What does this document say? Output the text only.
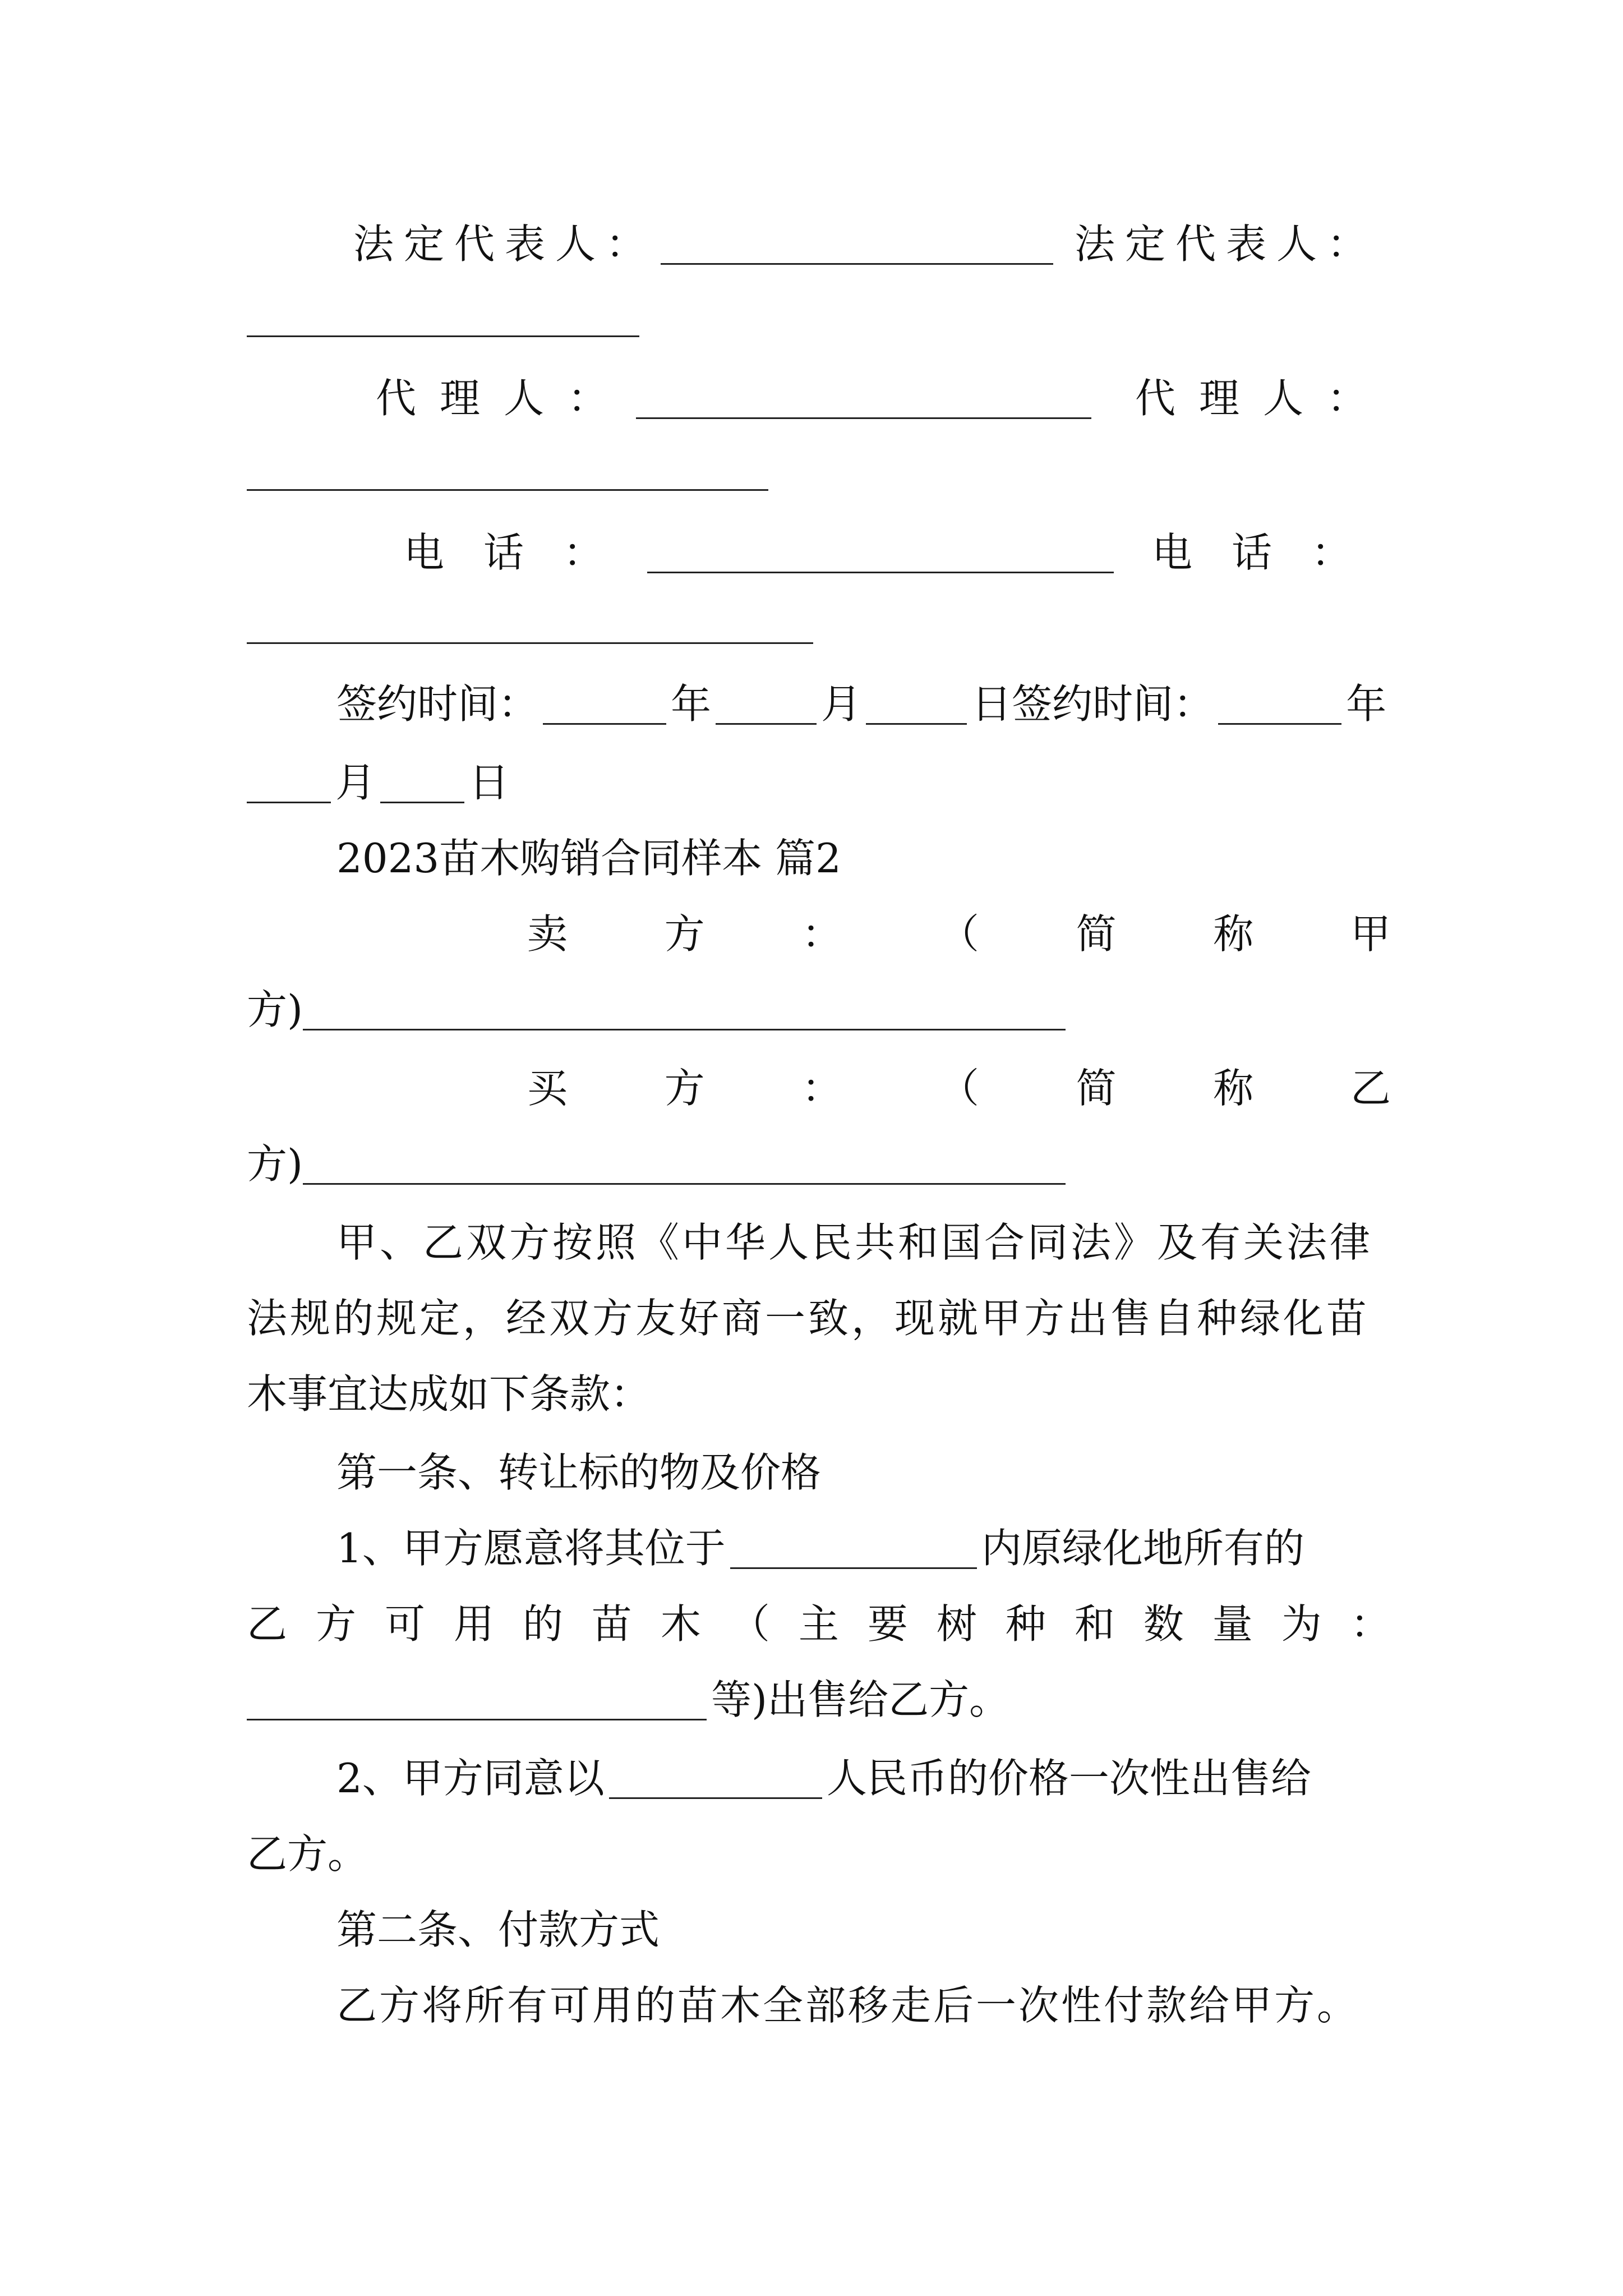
法定代表人：	法定代表人：
代理人：	代理人：
电话：	电话：
签约时间：	年	月	日 签约时间：	年
月 日
2023苗木购销合同样本 篇2
卖 方 ： （ 简 称 甲
方)
买 方 ： （ 简 称 乙
方)
甲、乙双方按照《中华人民共和国合同法》及有关法律
法规的规定，经双方友好商一致，现就甲方出售自种绿化苗
木事宜达成如下条款：
第一条、转让标的物及价格
1、甲方愿意将其位于	内原绿化地所有的
乙 方 可 用 的 苗 木 （ 主 要 树 种 和 数 量 为 ：
等)出售给乙方。
2、甲方同意以	人民币的价格一次性出售给
乙方。
第二条、付款方式
乙方将所有可用的苗木全部移走后一次性付款给甲方。
